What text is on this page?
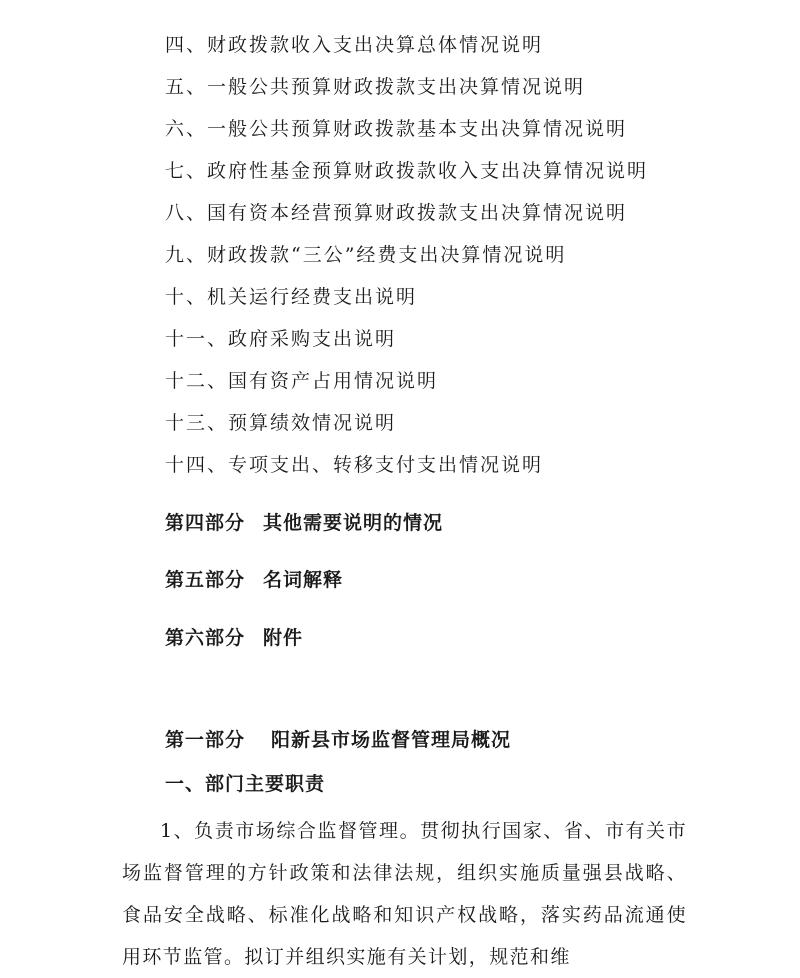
四、财政拨款收入支出决算总体情况说明
五、一般公共预算财政拨款支出决算情况说明
六、一般公共预算财政拨款基本支出决算情况说明
七、政府性基金预算财政拨款收入支出决算情况说明
八、国有资本经营预算财政拨款支出决算情况说明
九、财政拨款“三公”经费支出决算情况说明
十、机关运行经费支出说明
十一、政府采购支出说明
十二、国有资产占用情况说明
十三、预算绩效情况说明
十四、专项支出、转移支付支出情况说明
第四部分 其他需要说明的情况
第五部分 名词解释
第六部分 附件
第一部分 阳新县市场监督管理局概况
一、部门主要职责

1、负责市场综合监督管理。贯彻执行国家、省、市有关市场监督管理的方针政策和法律法规，组织实施质量强县战略、食品安全战略、标准化战略和知识产权战略，落实药品流通使用环节监管。拟订并组织实施有关计划，规范和维
